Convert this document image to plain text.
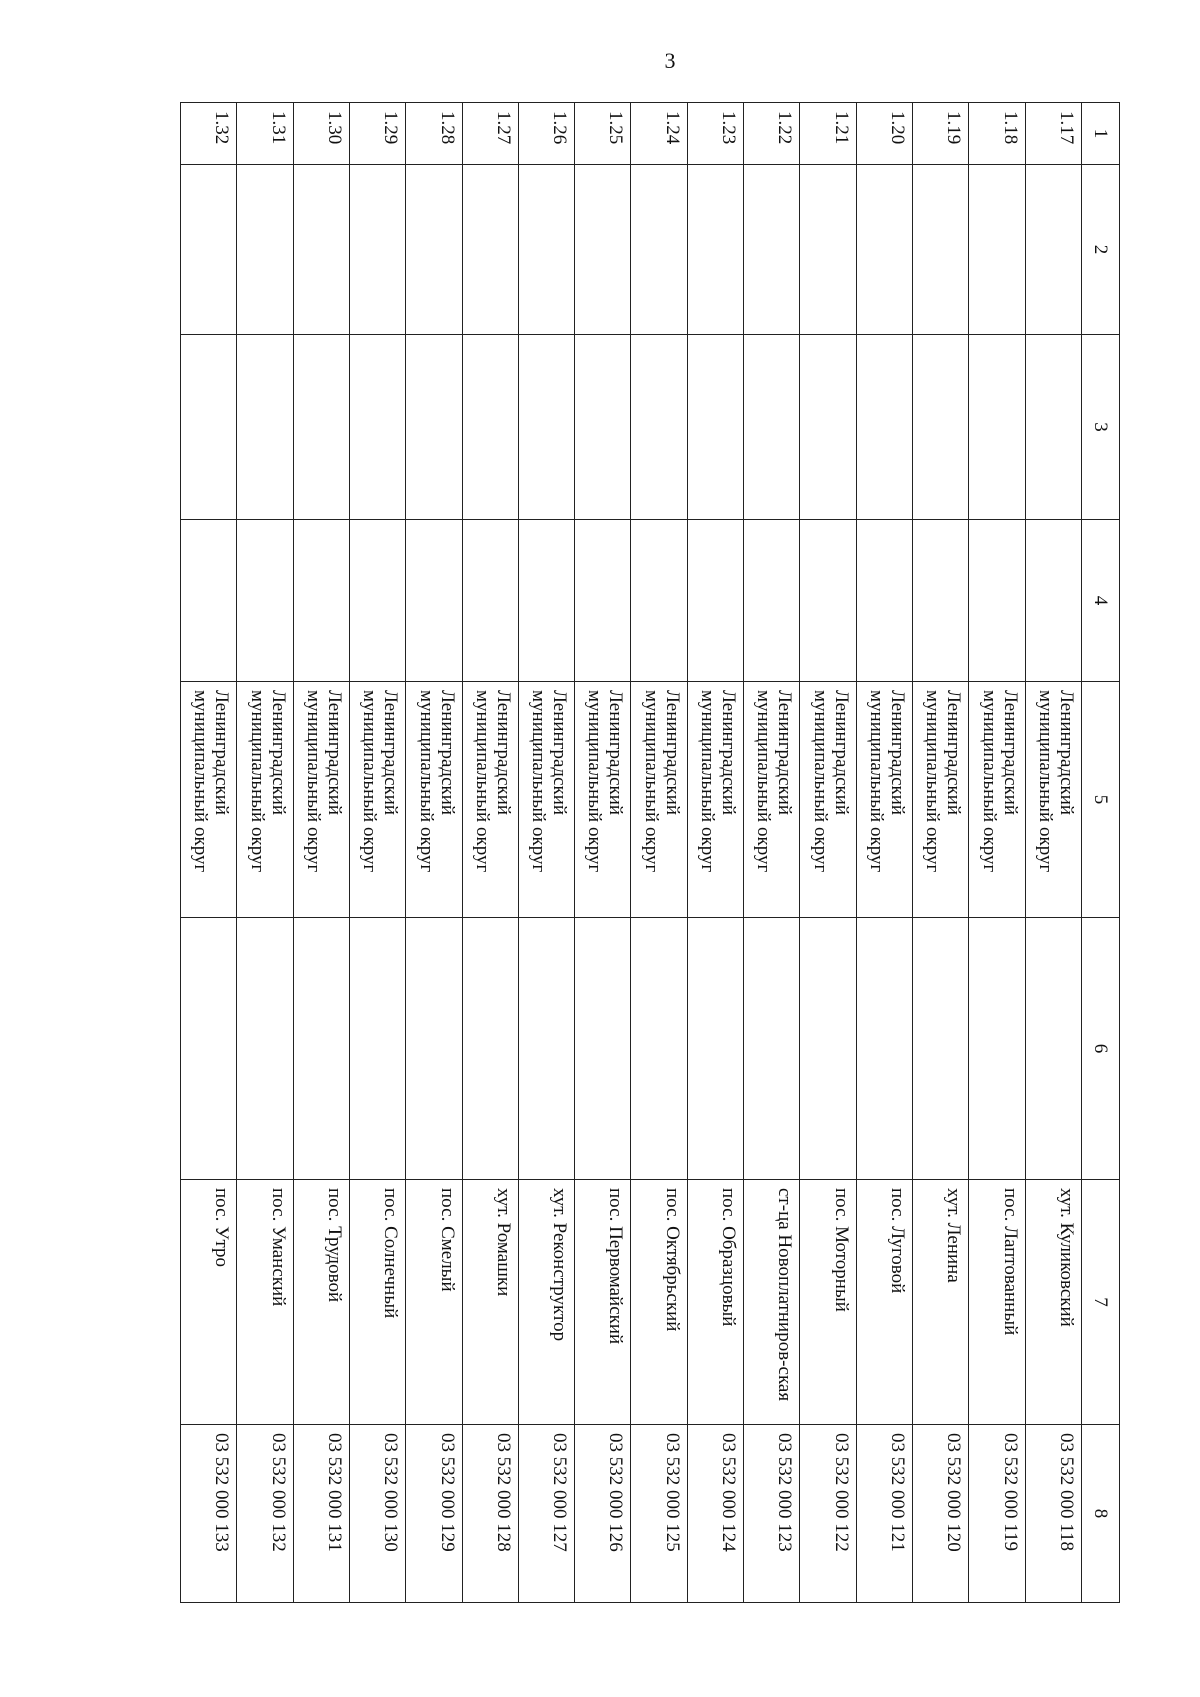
3
1	2	3	4	5	6	7	8
1.17				Ленинградский муниципальный округ		хут. Куликовский	03 532 000 118
1.18				Ленинградский муниципальный округ		пос. Лаптованный	03 532 000 119
1.19				Ленинградский муниципальный округ		хут. Ленина	03 532 000 120
1.20				Ленинградский муниципальный округ		пос. Луговой	03 532 000 121
1.21				Ленинградский муниципальный округ		пос. Моторный	03 532 000 122
1.22				Ленинградский муниципальный округ		ст-ца Новоплатниров-ская	03 532 000 123
1.23				Ленинградский муниципальный округ		пос. Образцовый	03 532 000 124
1.24				Ленинградский муниципальный округ		пос. Октябрьский	03 532 000 125
1.25				Ленинградский муниципальный округ		пос. Первомайский	03 532 000 126
1.26				Ленинградский муниципальный округ		хут. Реконструктор	03 532 000 127
1.27				Ленинградский муниципальный округ		хут. Ромашки	03 532 000 128
1.28				Ленинградский муниципальный округ		пос. Смелый	03 532 000 129
1.29				Ленинградский муниципальный округ		пос. Солнечный	03 532 000 130
1.30				Ленинградский муниципальный округ		пос. Трудовой	03 532 000 131
1.31				Ленинградский муниципальный округ		пос. Уманский	03 532 000 132
1.32				Ленинградский муниципальный округ		пос. Утро	03 532 000 133
